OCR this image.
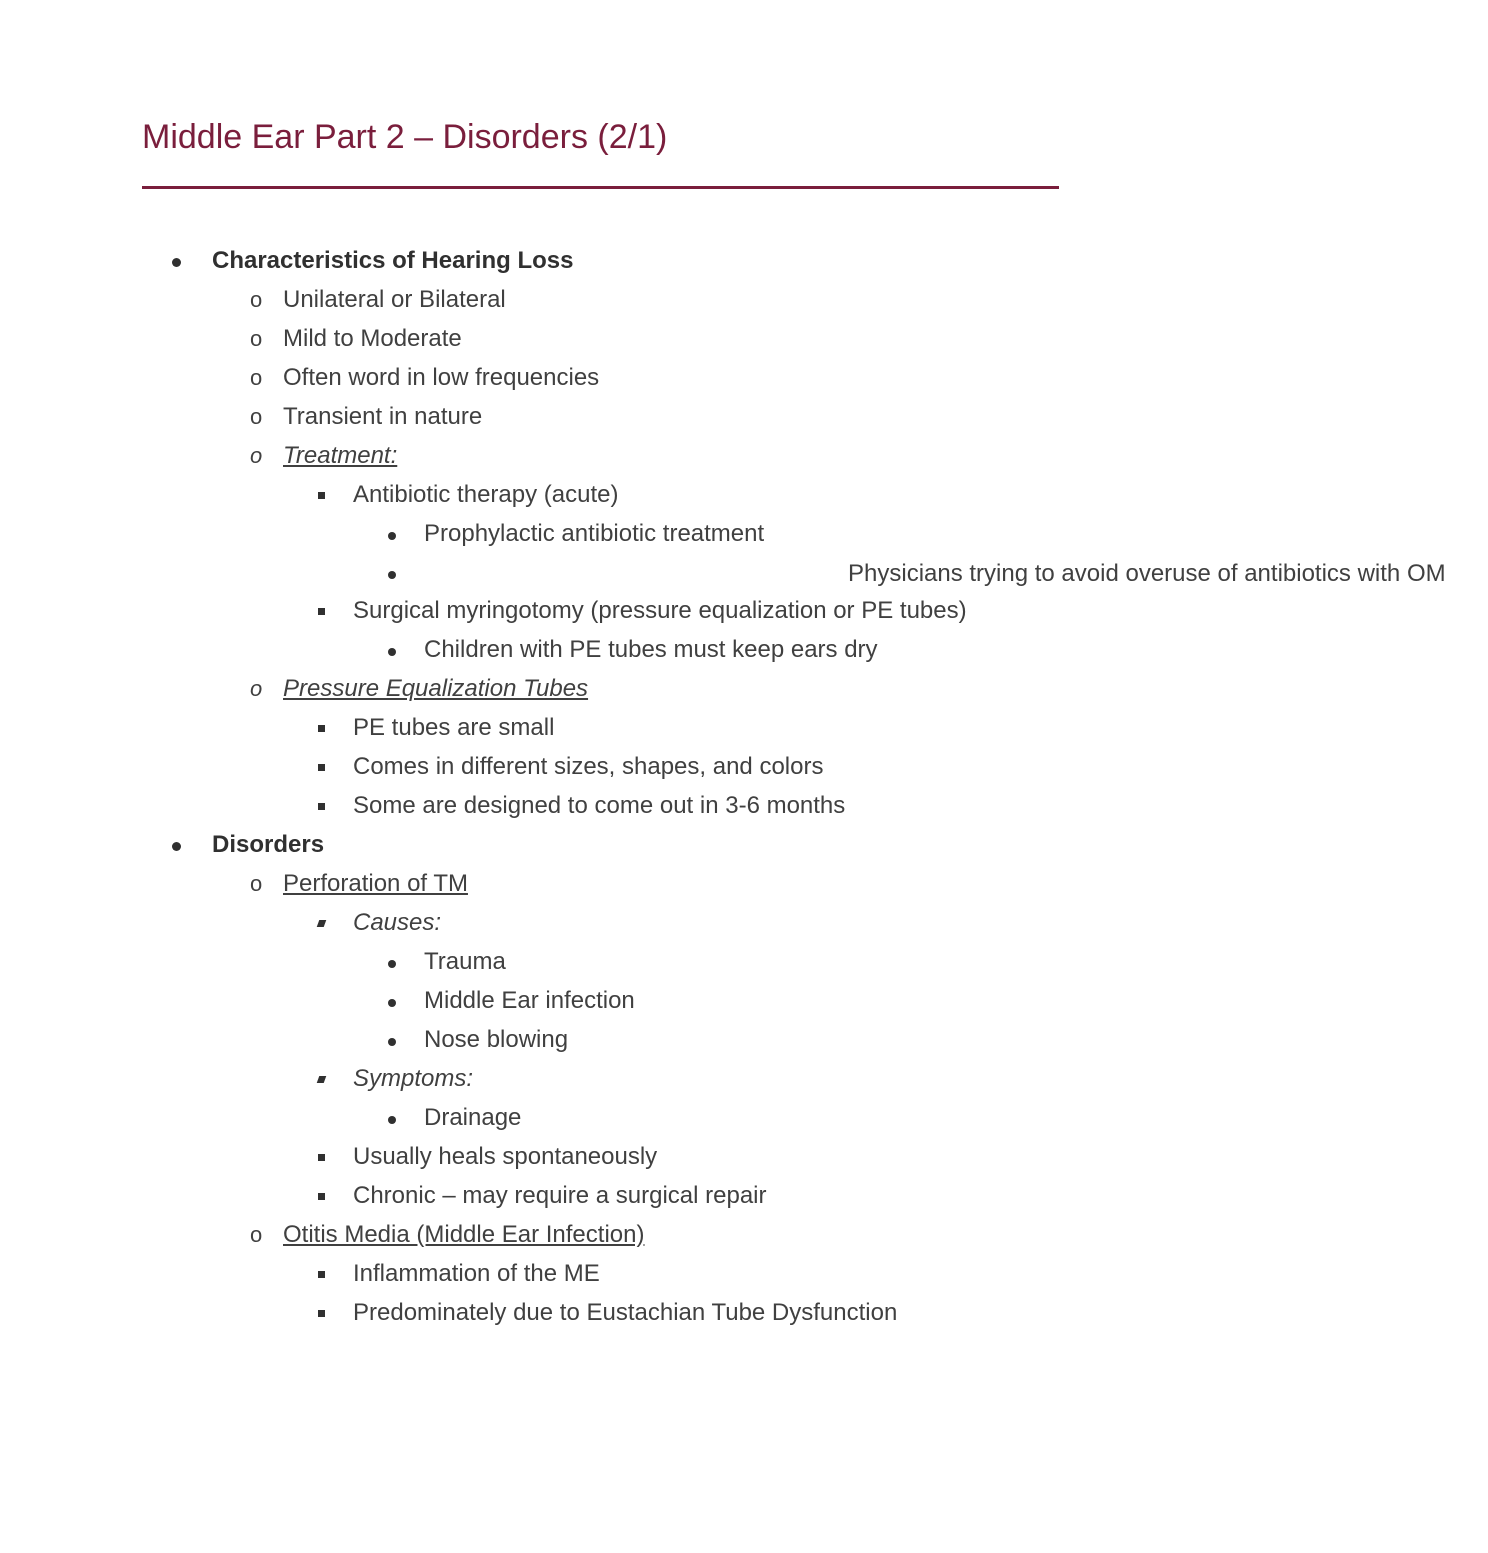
Middle Ear Part 2 – Disorders (2/1)
Characteristics of Hearing Loss
o Unilateral or Bilateral
o Mild to Moderate
o Often word in low frequencies
o Transient in nature
o Treatment:
Antibiotic therapy (acute)
Prophylactic antibiotic treatment
Physicians trying to avoid overuse of antibiotics with OM
Surgical myringotomy (pressure equalization or PE tubes)
Children with PE tubes must keep ears dry
o Pressure Equalization Tubes
PE tubes are small
Comes in different sizes, shapes, and colors
Some are designed to come out in 3-6 months
Disorders
o Perforation of TM
Causes:
Trauma
Middle Ear infection
Nose blowing
Symptoms:
Drainage
Usually heals spontaneously
Chronic – may require a surgical repair
o Otitis Media (Middle Ear Infection)
Inflammation of the ME
Predominately due to Eustachian Tube Dysfunction
